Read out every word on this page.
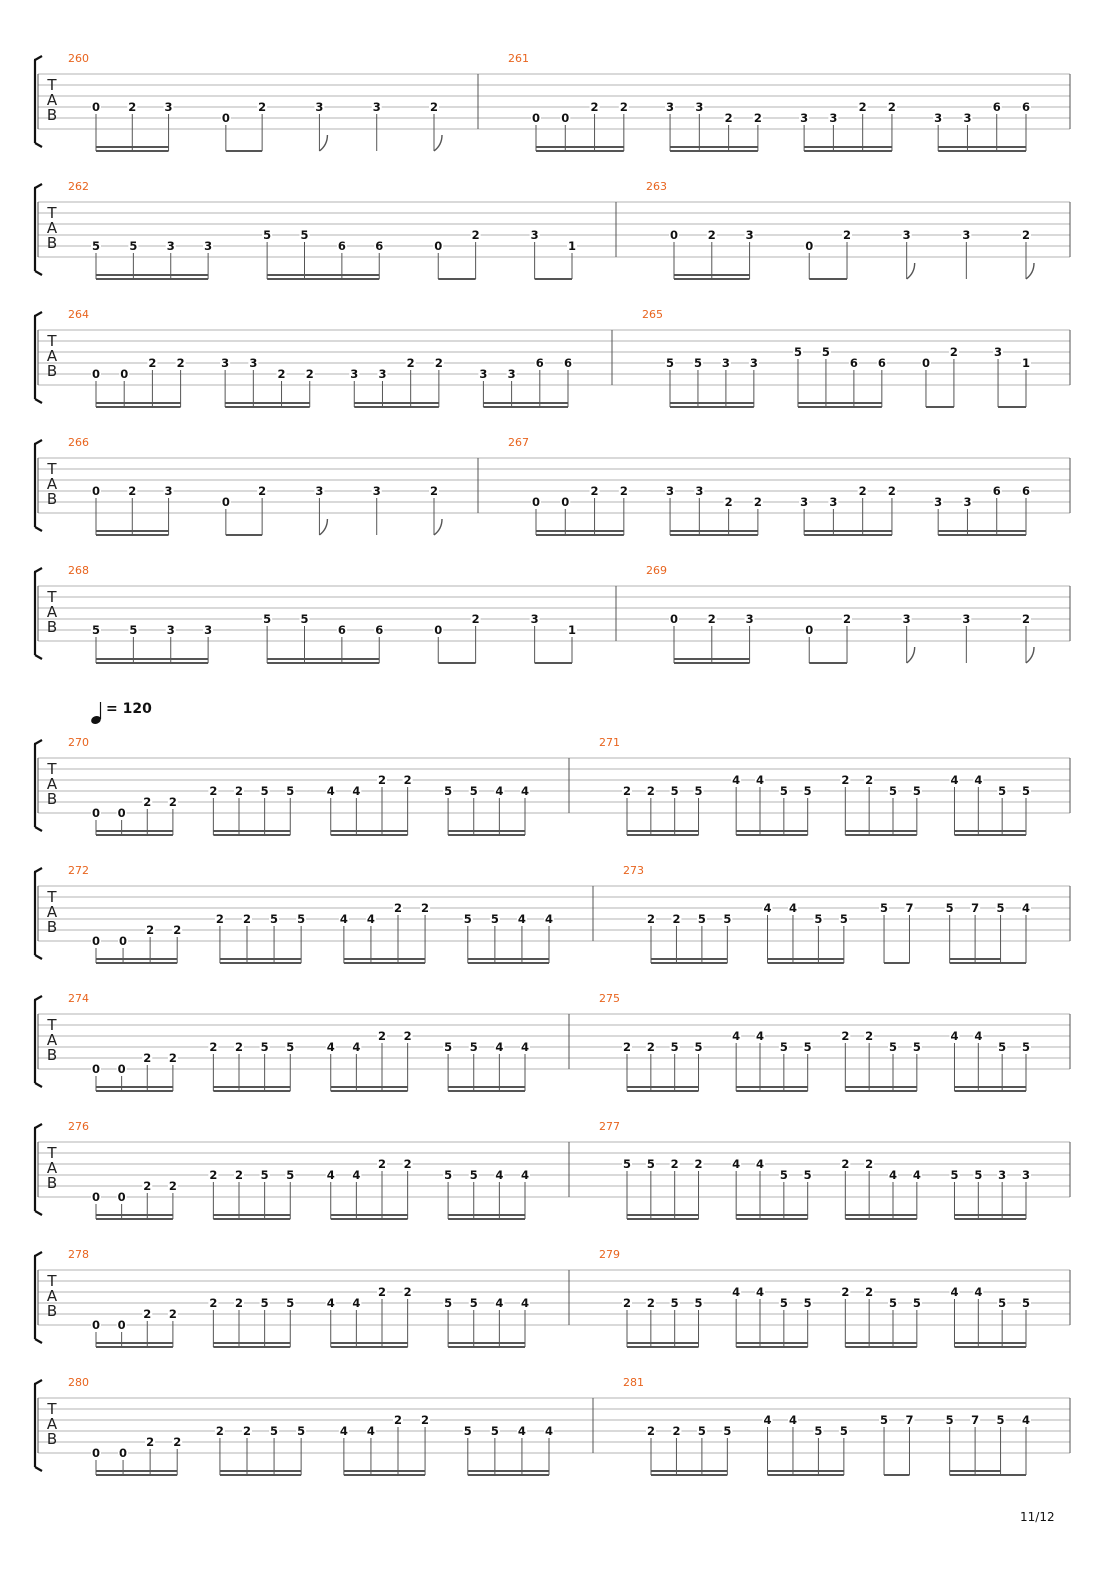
= 120
T
A
B
260
0 2 3
0
2	3	3	2
261
0 0
2 2	3 3
2 2	3 3
2 2
3 3
6 6
T
A
B
262
5	5	3	3
5	5
6	6	0
2	3
1
263
0	2	3
0
2	3	3	2
T
A
B
264
0 0
2 2	3 3
2 2	3 3
2 2
3 3
6 6
265
5 5 3 3
5 5
6 6	0
2	3
1
T
A
B
266
0 2 3
0
2	3	3	2
267
0 0
2 2	3 3
2 2	3 3
2 2
3 3
6 6
T
A
B
268
5	5	3	3
5	5
6	6	0
2	3
1
269
0	2	3
0
2	3	3	2
T
A
B
270
0 0
2 2
2 2 5 5	4 4
2 2
5 5 4 4
271
2 2 5 5
4 4
5 5
2 2
5 5
4 4
5 5
T
A
B
272
0 0
2 2
2 2 5 5	4 4
2 2
5 5 4 4
273
2 2 5 5
4 4
5 5
5 7	5 7 5 4
T
A
B
274
0 0
2 2
2 2 5 5	4 4
2 2
5 5 4 4
275
2 2 5 5
4 4
5 5
2 2
5 5
4 4
5 5
T
A
B
276
0 0
2 2
2 2 5 5	4 4
2 2
5 5 4 4
277
5 5 2 2	4 4
5 5
2 2
4 4	5 5 3 3
T
A
B
278
0 0
2 2
2 2 5 5	4 4
2 2
5 5 4 4
279
2 2 5 5
4 4
5 5
2 2
5 5
4 4
5 5
T
A
B
280
0 0
2 2
2 2 5 5	4 4
2 2
5 5 4 4
281
2 2 5 5
4 4
5 5
5 7	5 7 5 4
11/12
